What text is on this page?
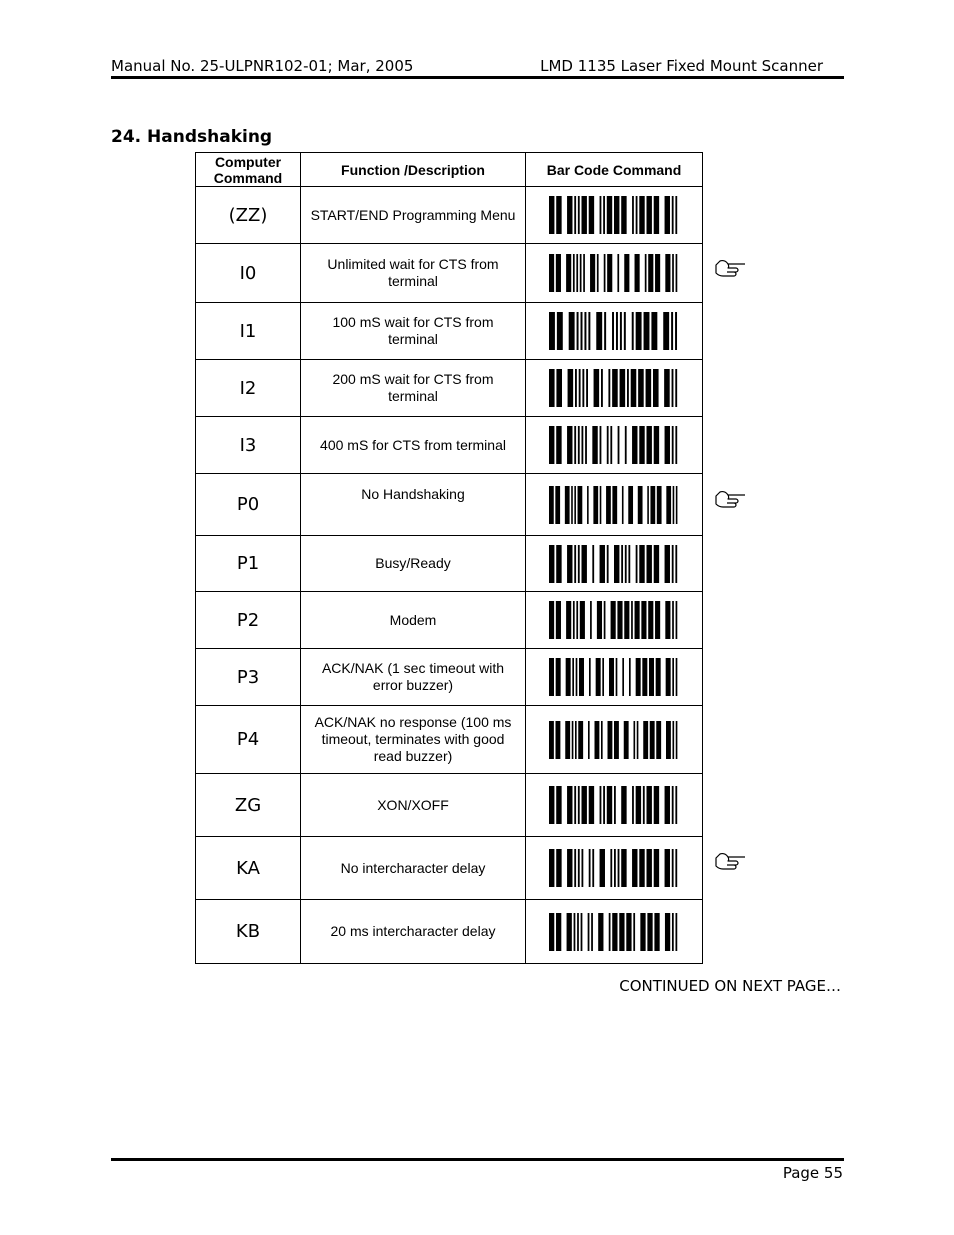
Manual No. 25-ULPNR102-01; Mar, 2005	LMD 1135 Laser Fixed Mount Scanner
24. Handshaking
Computer Command	Function /Description	Bar Code Command
(ZZ)	START/END Programming Menu	

I0	Unlimited wait for CTS from terminal	

I1	100 mS wait for CTS from terminal	

I2	200 mS wait for CTS from terminal	

I3	400 mS for CTS from terminal	

P0	No Handshaking	

P1	Busy/Ready	

P2	Modem	

P3	ACK/NAK (1 sec timeout with error buzzer)	

P4	ACK/NAK no response (100 ms timeout, terminates with good read buzzer)	

ZG	XON/XOFF	

KA	No intercharacter delay	

KB	20 ms intercharacter delay	
CONTINUED ON NEXT PAGE…
Page 55
